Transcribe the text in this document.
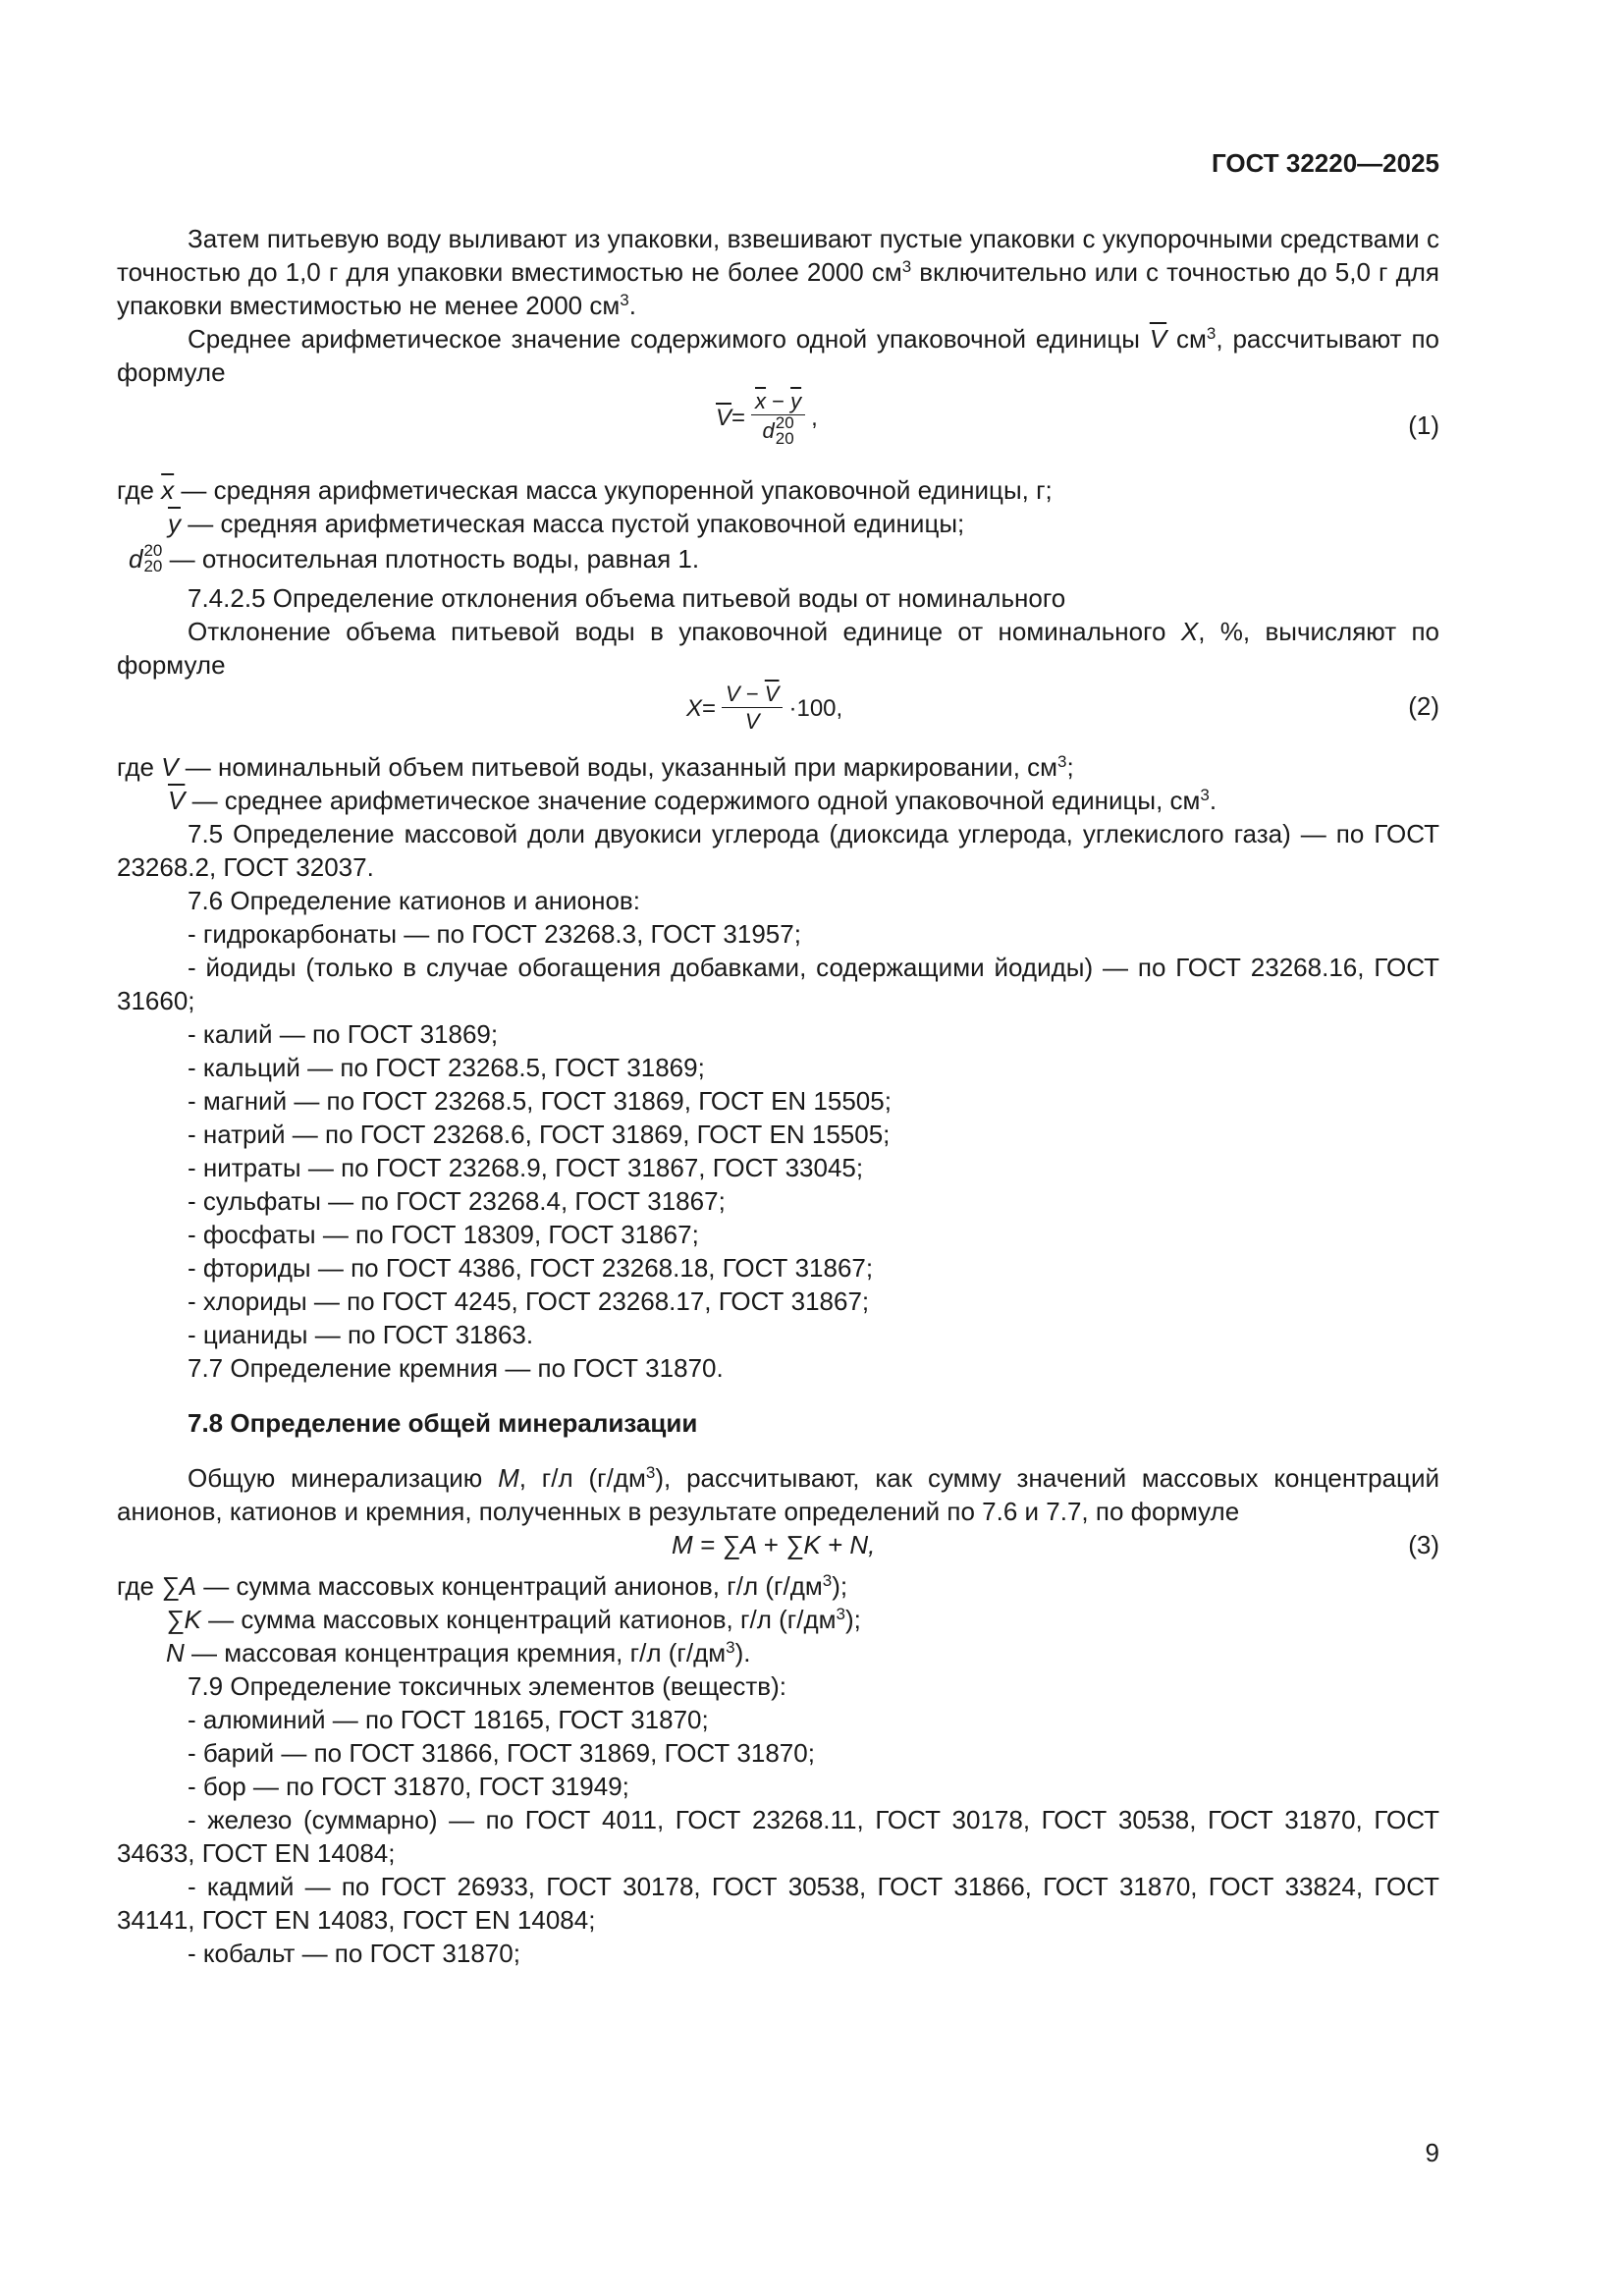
ГОСТ 32220—2025

Затем питьевую воду выливают из упаковки, взвешивают пустые упаковки с укупорочными средствами с точностью до 1,0 г для упаковки вместимостью не более 2000 $см^3$ включительно или с точностью до 5,0 г для упаковки вместимостью не менее 2000 $см^3$.

Среднее арифметическое значение содержимого одной упаковочной единицы $\overline{V}$ $см^3$, рассчитывают по формуле

$\overline{V} = \overline{x} - \overline{y}$
d 20
20 ,	(1)

где $\overline{x}$ — средняя арифметическая масса укупоренной упаковочной единицы, г;

$\overline{y}$ — средняя арифметическая масса пустой упаковочной единицы;

d 20
20 — относительная плотность воды, равная 1.

7.4.2.5 Определение отклонения объема питьевой воды от номинального

Отклонение объема питьевой воды в упаковочной единице от номинального X, %, вычисляют по формуле

$X = \frac{V - \overline{V}}{V} \cdot 100$,	(2)

где V — номинальный объем питьевой воды, указанный при маркировании, $см^3$;

$\overline{V}$ — среднее арифметическое значение содержимого одной упаковочной единицы, $см^3$.

7.5 Определение массовой доли двуокиси углерода (диоксида углерода, углекислого газа) — по ГОСТ 23268.2, ГОСТ 32037.

7.6 Определение катионов и анионов:

- гидрокарбонаты — по ГОСТ 23268.3, ГОСТ 31957;

- йодиды (только в случае обогащения добавками, содержащими йодиды) — по ГОСТ 23268.16, ГОСТ 31660;

- калий — по ГОСТ 31869;

- кальций — по ГОСТ 23268.5, ГОСТ 31869;

- магний — по ГОСТ 23268.5, ГОСТ 31869, ГОСТ EN 15505;

- натрий — по ГОСТ 23268.6, ГОСТ 31869, ГОСТ EN 15505;

- нитраты — по ГОСТ 23268.9, ГОСТ 31867, ГОСТ 33045;

- сульфаты — по ГОСТ 23268.4, ГОСТ 31867;

- фосфаты — по ГОСТ 18309, ГОСТ 31867;

- фториды — по ГОСТ 4386, ГОСТ 23268.18, ГОСТ 31867;

- хлориды — по ГОСТ 4245, ГОСТ 23268.17, ГОСТ 31867;

- цианиды — по ГОСТ 31863.

7.7 Определение кремния — по ГОСТ 31870.

7.8 Определение общей минерализации

Общую минерализацию M, г/л $(г/дм^3)$, рассчитывают, как сумму значений массовых концентраций анионов, катионов и кремния, полученных в результате определений по 7.6 и 7.7, по формуле

M = ∑A + ∑K + N,	(3)

где ∑A — сумма массовых концентраций анионов, г/л $(г/дм^3)$;

∑K — сумма массовых концентраций катионов, г/л $(г/дм^3)$;

N — массовая концентрация кремния, г/л $(г/дм^3)$.

7.9 Определение токсичных элементов (веществ):

- алюминий — по ГОСТ 18165, ГОСТ 31870;

- барий — по ГОСТ 31866, ГОСТ 31869, ГОСТ 31870;

- бор — по ГОСТ 31870, ГОСТ 31949;

- железо (суммарно) — по ГОСТ 4011, ГОСТ 23268.11, ГОСТ 30178, ГОСТ 30538, ГОСТ 31870, ГОСТ 34633, ГОСТ EN 14084;

- кадмий — по ГОСТ 26933, ГОСТ 30178, ГОСТ 30538, ГОСТ 31866, ГОСТ 31870, ГОСТ 33824, ГОСТ 34141, ГОСТ EN 14083, ГОСТ EN 14084;

- кобальт — по ГОСТ 31870;

9
